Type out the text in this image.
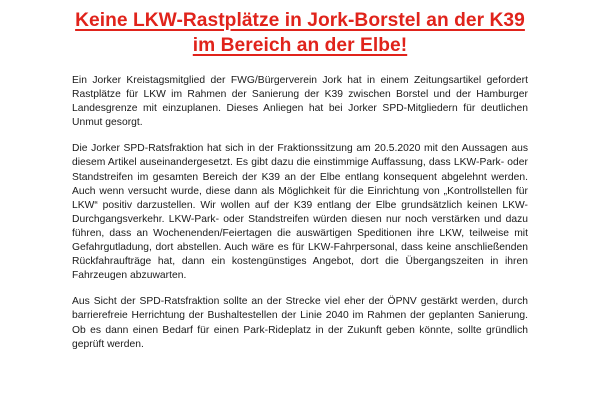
Keine LKW-Rastplätze in Jork-Borstel an der K39
im Bereich an der Elbe!

Ein Jorker Kreistagsmitglied der FWG/Bürgerverein Jork hat in einem Zeitungsartikel gefordert Rastplätze für LKW im Rahmen der Sanierung der K39 zwischen Borstel und der Hamburger Landesgrenze mit einzuplanen. Dieses Anliegen hat bei Jorker SPD-Mitgliedern für deutlichen Unmut gesorgt.

Die Jorker SPD-Ratsfraktion hat sich in der Fraktionssitzung am 20.5.2020 mit den Aussagen aus diesem Artikel auseinandergesetzt. Es gibt dazu die einstimmige Auffassung, dass LKW-Park- oder Standstreifen im gesamten Bereich der K39 an der Elbe entlang konsequent abgelehnt werden. Auch wenn versucht wurde, diese dann als Möglichkeit für die Einrichtung von „Kontrollstellen für LKW“ positiv darzustellen. Wir wollen auf der K39 entlang der Elbe grundsätzlich keinen LKW-Durchgangsverkehr. LKW-Park- oder Standstreifen würden diesen nur noch verstärken und dazu führen, dass an Wochenenden/Feiertagen die auswärtigen Speditionen ihre LKW, teilweise mit Gefahrgutladung, dort abstellen. Auch wäre es für LKW-Fahrpersonal, dass keine anschließenden Rückfahraufträge hat, dann ein kostengünstiges Angebot, dort die Übergangszeiten in ihren Fahrzeugen abzuwarten.

Aus Sicht der SPD-Ratsfraktion sollte an der Strecke viel eher der ÖPNV gestärkt werden, durch barrierefreie Herrichtung der Bushaltestellen der Linie 2040 im Rahmen der geplanten Sanierung. Ob es dann einen Bedarf für einen Park-Rideplatz in der Zukunft geben könnte, sollte gründlich geprüft werden.
